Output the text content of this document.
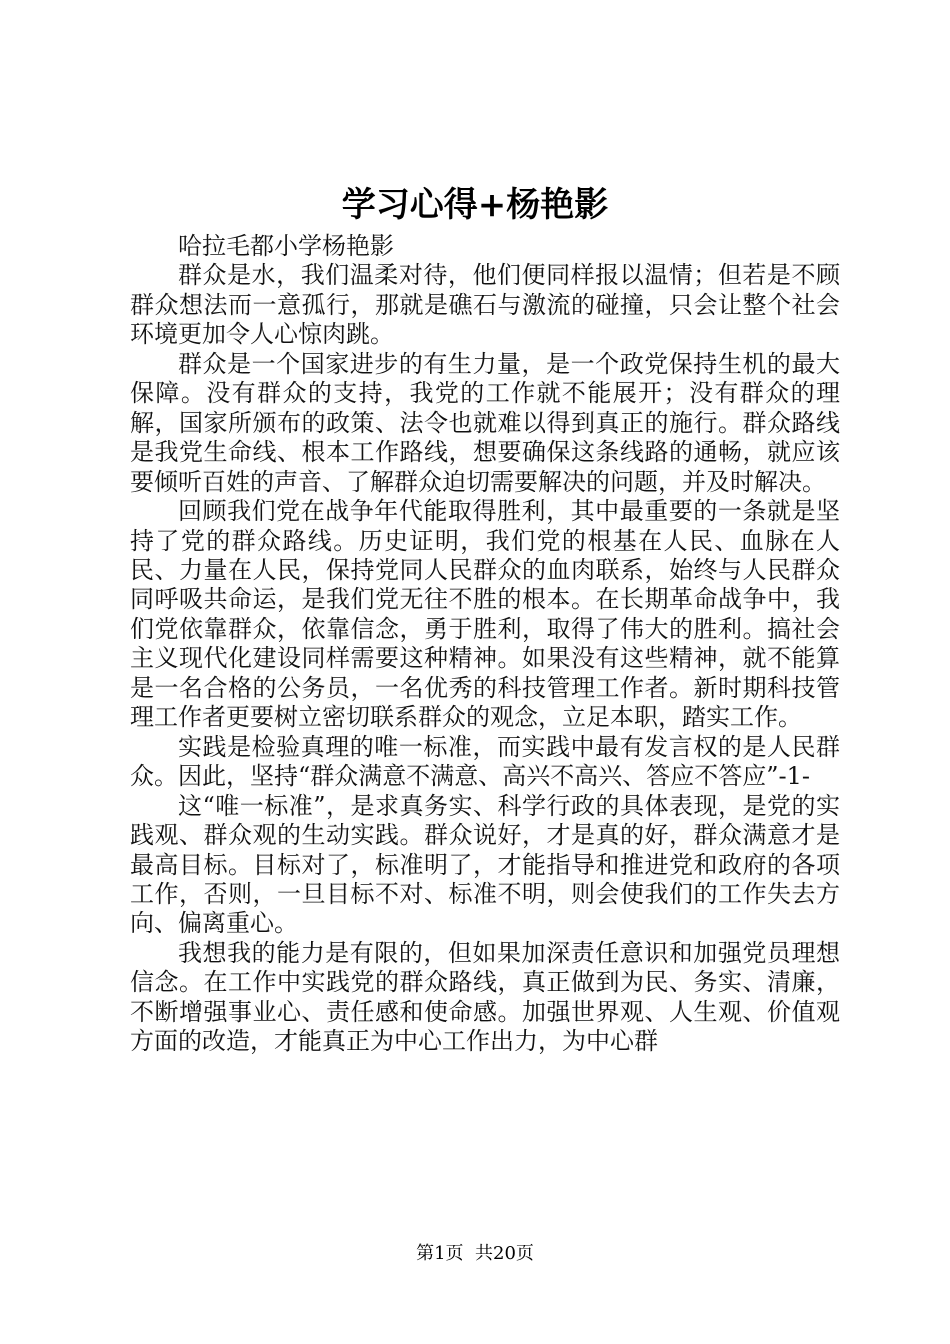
学习心得+杨艳影

哈拉毛都小学杨艳影

群众是水，我们温柔对待，他们便同样报以温情；但若是不顾群众想法而一意孤行，那就是礁石与激流的碰撞，只会让整个社会环境更加令人心惊肉跳。

群众是一个国家进步的有生力量，是一个政党保持生机的最大保障。没有群众的支持，我党的工作就不能展开；没有群众的理解，国家所颁布的政策、法令也就难以得到真正的施行。群众路线是我党生命线、根本工作路线，想要确保这条线路的通畅，就应该要倾听百姓的声音、了解群众迫切需要解决的问题，并及时解决。

回顾我们党在战争年代能取得胜利，其中最重要的一条就是坚持了党的群众路线。历史证明，我们党的根基在人民、血脉在人民、力量在人民，保持党同人民群众的血肉联系，始终与人民群众同呼吸共命运，是我们党无往不胜的根本。在长期革命战争中，我们党依靠群众，依靠信念，勇于胜利，取得了伟大的胜利。搞社会主义现代化建设同样需要这种精神。如果没有这些精神，就不能算是一名合格的公务员，一名优秀的科技管理工作者。新时期科技管理工作者更要树立密切联系群众的观念，立足本职，踏实工作。

实践是检验真理的唯一标准，而实践中最有发言权的是人民群众。因此，坚持“群众满意不满意、高兴不高兴、答应不答应”-1-

这“唯一标准”，是求真务实、科学行政的具体表现，是党的实践观、群众观的生动实践。群众说好，才是真的好，群众满意才是最高目标。目标对了，标准明了，才能指导和推进党和政府的各项工作，否则，一旦目标不对、标准不明，则会使我们的工作失去方向、偏离重心。

我想我的能力是有限的，但如果加深责任意识和加强党员理想信念。在工作中实践党的群众路线，真正做到为民、务实、清廉，不断增强事业心、责任感和使命感。加强世界观、人生观、价值观方面的改造，才能真正为中心工作出力，为中心群

第1页 共20页
